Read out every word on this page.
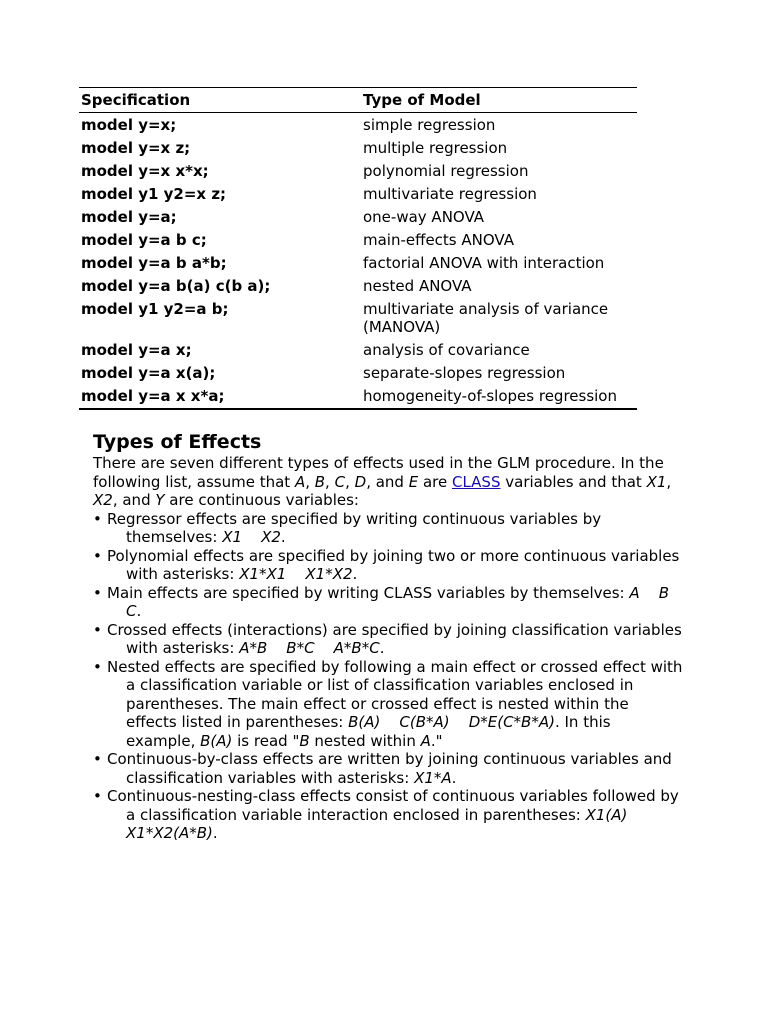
Specification	Type of Model
model y=x;	simple regression
model y=x z;	multiple regression
model y=x x*x;	polynomial regression
model y1 y2=x z;	multivariate regression
model y=a;	one-way ANOVA
model y=a b c;	main-effects ANOVA
model y=a b a*b;	factorial ANOVA with interaction
model y=a b(a) c(b a);	nested ANOVA
model y1 y2=a b;	multivariate analysis of variance (MANOVA)
model y=a x;	analysis of covariance
model y=a x(a);	separate-slopes regression
model y=a x x*a;	homogeneity-of-slopes regression
Types of Effects

There are seven different types of effects used in the GLM procedure. In the following list, assume that A, B, C, D, and E are CLASS variables and that X1, X2, and Y are continuous variables:

• Regressor effects are specified by writing continuous variables by themselves: X1    X2.
• Polynomial effects are specified by joining two or more continuous variables with asterisks: X1*X1    X1*X2.
• Main effects are specified by writing CLASS variables by themselves: A    B    C.
• Crossed effects (interactions) are specified by joining classification variables with asterisks: A*B    B*C    A*B*C.
• Nested effects are specified by following a main effect or crossed effect with a classification variable or list of classification variables enclosed in parentheses. The main effect or crossed effect is nested within the effects listed in parentheses: B(A)    C(B*A)    D*E(C*B*A). In this example, B(A) is read "B nested within A."
• Continuous-by-class effects are written by joining continuous variables and classification variables with asterisks: X1*A.
• Continuous-nesting-class effects consist of continuous variables followed by a classification variable interaction enclosed in parentheses: X1(A)    X1*X2(A*B).
